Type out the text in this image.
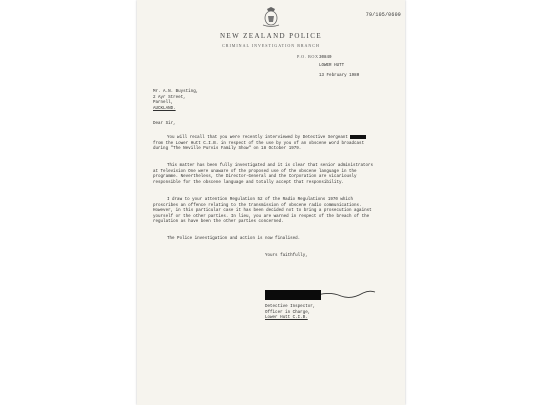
79/105/0609
NEW ZEALAND POLICE
CRIMINAL INVESTIGATION BRANCH
P.O. BOX30840
LOWER HUTT
13 February 1980
Mr. A.N. Buysting,
2 Ayr Street,
Parnell,
AUCKLAND.
Dear Sir,
You will recall that you were recently interviewed by Detective Sergeant  from the Lower Hutt C.I.B. in respect of the use by you of an obscene word broadcast during "The Neville Purvis Family Show" on 18 October 1979.
This matter has been fully investigated and it is clear that senior administrators at Television One were unaware of the proposed use of the obscene language in the programme. Nevertheless, the Director-General and the Corporation are vicariously responsible for the obscene language and totally accept that responsibility.
I draw to your attention Regulation 52 of the Radio Regulations 1970 which proscribes an offence relating to the transmission of obscene radio communications. However, in this particular case it has been decided not to bring a prosecution against yourself or the other parties. In lieu, you are warned in respect of the breach of the regulation as have been the other parties concerned.
The Police investigation and action is now finalised.
Yours faithfully,
Detective Inspector,
Officer in Charge,
Lower Hutt C.I.B.
